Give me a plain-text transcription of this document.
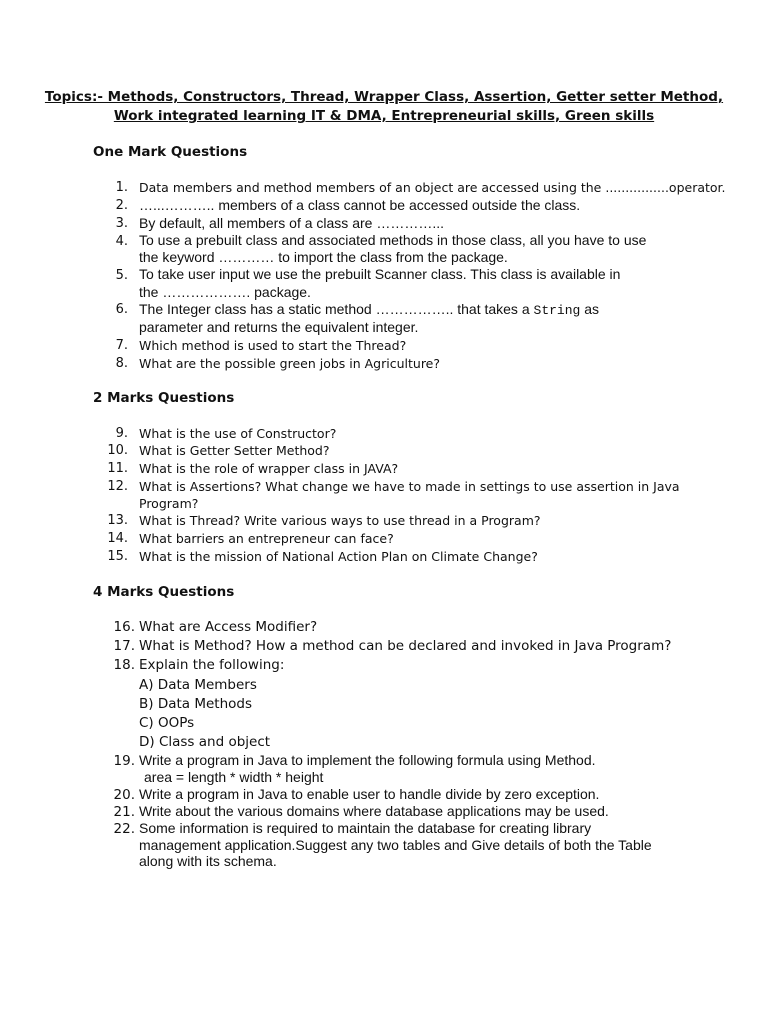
Topics:- Methods, Constructors, Thread, Wrapper Class, Assertion, Getter setter Method,
Work integrated learning IT & DMA, Entrepreneurial skills, Green skills
One Mark Questions
1. Data members and method members of an object are accessed using the ................operator.
2. …...……….. members of a class cannot be accessed outside the class.
3. By default, all members of a class are …………...
4. To use a prebuilt class and associated methods in those class, all you have to use
the keyword ………… to import the class from the package.
5. To take user input we use the prebuilt Scanner class. This class is available in
the ………………. package.
6. The Integer class has a static method …………….. that takes a String as
parameter and returns the equivalent integer.
7. Which method is used to start the Thread?
8. What are the possible green jobs in Agriculture?
2 Marks Questions
9. What is the use of Constructor?
10. What is Getter Setter Method?
11. What is the role of wrapper class in JAVA?
12. What is Assertions? What change we have to made in settings to use assertion in Java
Program?
13. What is Thread? Write various ways to use thread in a Program?
14. What barriers an entrepreneur can face?
15. What is the mission of National Action Plan on Climate Change?
4 Marks Questions
16. What are Access Modifier?
17. What is Method? How a method can be declared and invoked in Java Program?
18. Explain the following:
A) Data Members
B) Data Methods
C) OOPs
D) Class and object
19. Write a program in Java to implement the following formula using Method.
area = length * width * height
20. Write a program in Java to enable user to handle divide by zero exception.
21. Write about the various domains where database applications may be used.
22. Some information is required to maintain the database for creating library
management application.Suggest any two tables and Give details of both the Table
along with its schema.
